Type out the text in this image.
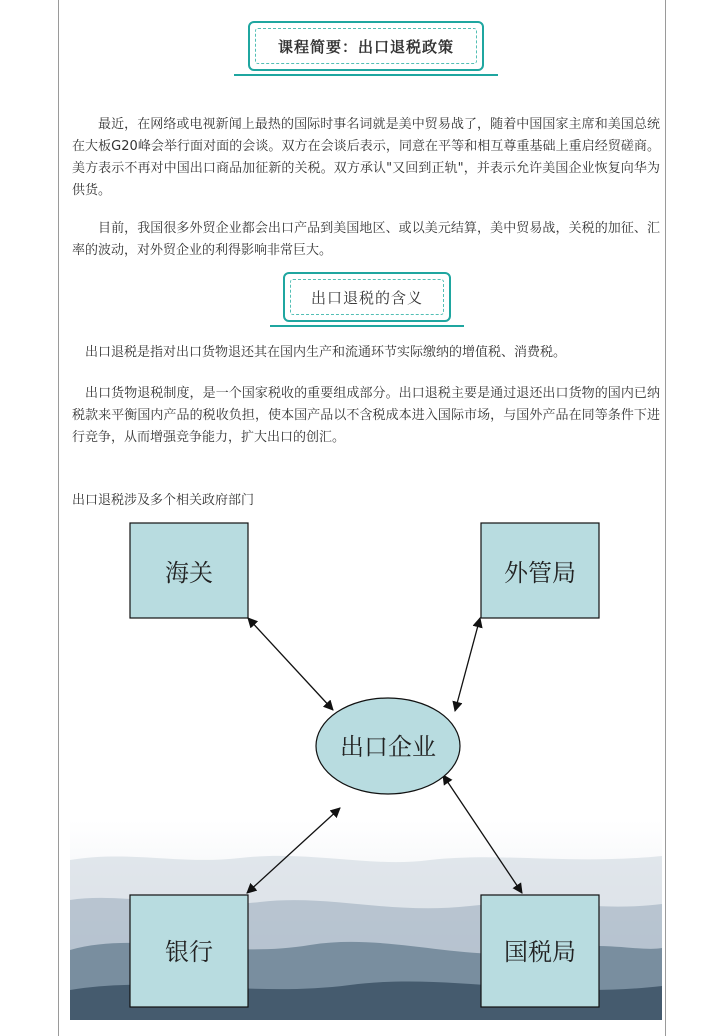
课程简要：出口退税政策

最近，在网络或电视新闻上最热的国际时事名词就是美中贸易战了，随着中国国家主席和美国总统在大板G20峰会举行面对面的会谈。双方在会谈后表示，同意在平等和相互尊重基础上重启经贸磋商。美方表示不再对中国出口商品加征新的关税。双方承认"又回到正轨"，并表示允许美国企业恢复向华为供货。

目前，我国很多外贸企业都会出口产品到美国地区、或以美元结算，美中贸易战，关税的加征、汇率的波动，对外贸企业的利得影响非常巨大。

出口退税的含义

出口退税是指对出口货物退还其在国内生产和流通环节实际缴纳的增值税、消费税。

出口货物退税制度，是一个国家税收的重要组成部分。出口退税主要是通过退还出口货物的国内已纳税款来平衡国内产品的税收负担，使本国产品以不含税成本进入国际市场，与国外产品在同等条件下进行竞争，从而增强竞争能力，扩大出口的创汇。

出口退税涉及多个相关政府部门

海关	外管局
出口企业
银行	国税局
